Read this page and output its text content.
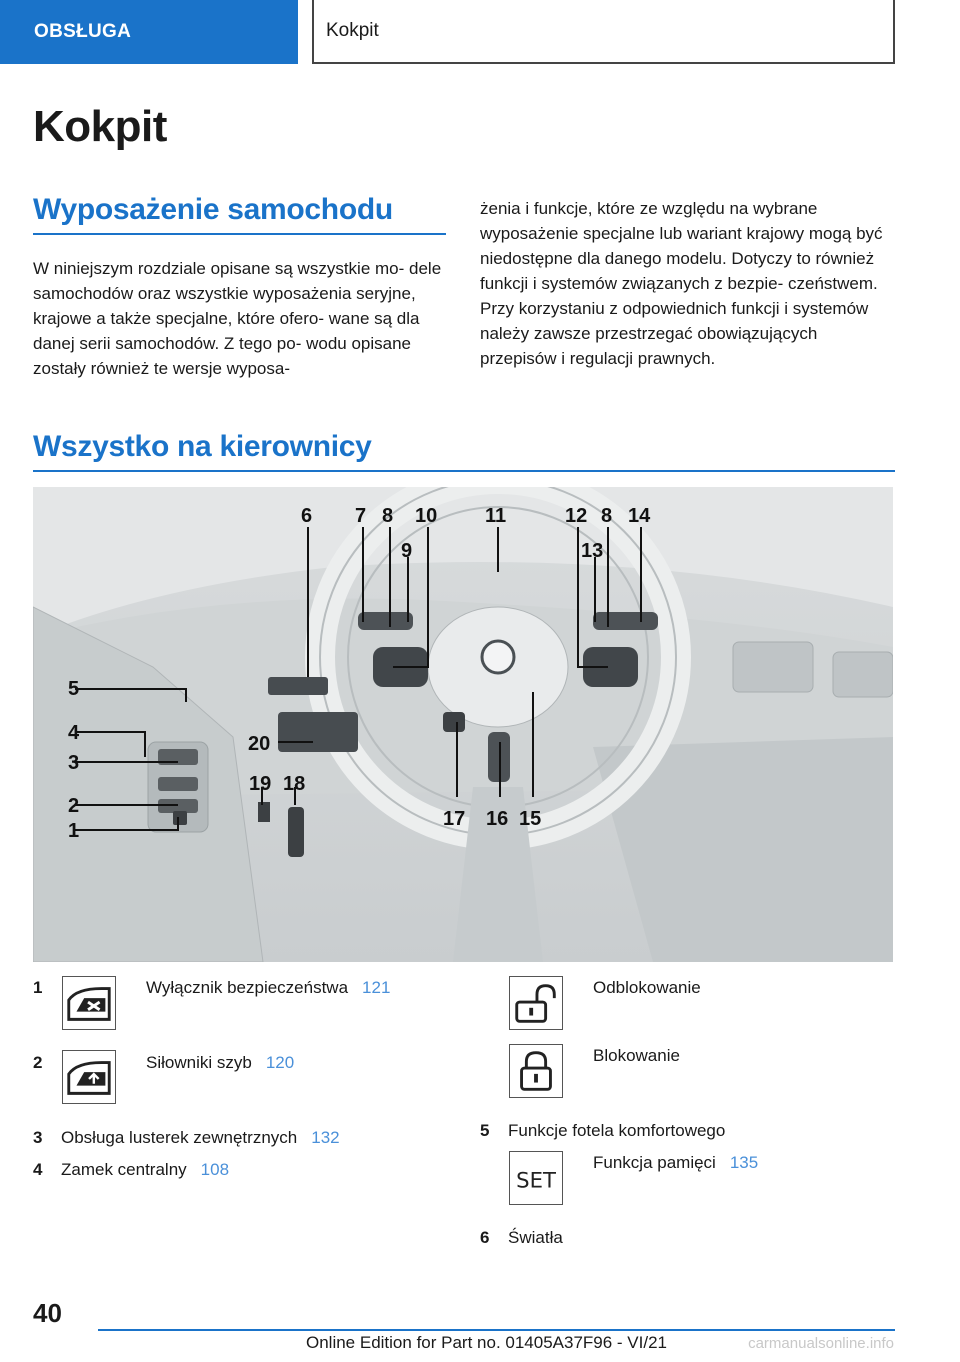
OBSŁUGA	Kokpit
Kokpit
Wyposażenie samochodu
W niniejszym rozdziale opisane są wszystkie mo- dele samochodów oraz wszystkie wyposażenia seryjne, krajowe a także specjalne, które ofero- wane są dla danej serii samochodów. Z tego po- wodu opisane zostały również te wersje wyposa-
żenia i funkcje, które ze względu na wybrane wyposażenie specjalne lub wariant krajowy mogą być niedostępne dla danego modelu. Dotyczy to również funkcji i systemów związanych z bezpie- czeństwem. Przy korzystaniu z odpowiednich funkcji i systemów należy zawsze przestrzegać obowiązujących przepisów i regulacji prawnych.
Wszystko na kierownicy
6 7 8 10
9
11	12 8 14
13
5
4
3
2
1
20
19 18
17 16 15
1	Wyłącznik bezpieczeństwa 121
2	Siłowniki szyb 120
3	Obsługa lusterek zewnętrznych 132
4	Zamek centralny 108
Odblokowanie
Blokowanie
5	Funkcje fotela komfortowego
SET
Funkcja pamięci 135
6	Światła
40
Online Edition for Part no. 01405A37F96 - VI/21	carmanualsonline.info
